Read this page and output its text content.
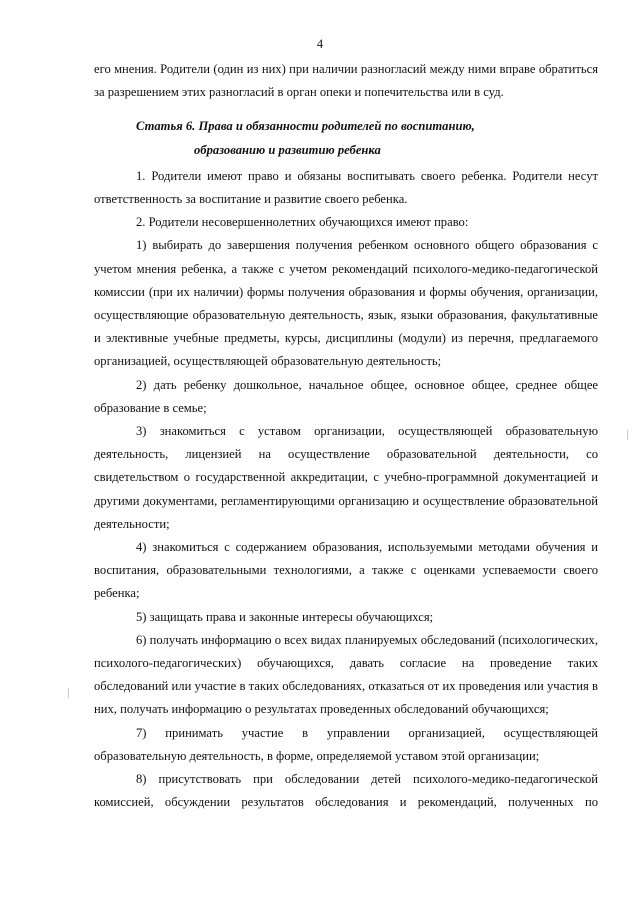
4

его мнения. Родители (один из них) при наличии разногласий между ними вправе обратиться за разрешением этих разногласий в орган опеки и попечительства или в суд.

Статья 6. Права и обязанности родителей по воспитанию,
образованию и развитию ребенка

1. Родители имеют право и обязаны воспитывать своего ребенка. Родители несут ответственность за воспитание и развитие своего ребенка.

2. Родители несовершеннолетних обучающихся имеют право:

1) выбирать до завершения получения ребенком основного общего образования с учетом мнения ребенка, а также с учетом рекомендаций психолого-медико-педагогической комиссии (при их наличии) формы получения образования и формы обучения, организации, осуществляющие образовательную деятельность, язык, языки образования, факультативные и элективные учебные предметы, курсы, дисциплины (модули) из перечня, предлагаемого организацией, осуществляющей образовательную деятельность;

2) дать ребенку дошкольное, начальное общее, основное общее, среднее общее образование в семье;

3) знакомиться с уставом организации, осуществляющей образовательную деятельность, лицензией на осуществление образовательной деятельности, со свидетельством о государственной аккредитации, с учебно-программной документацией и другими документами, регламентирующими организацию и осуществление образовательной деятельности;

4) знакомиться с содержанием образования, используемыми методами обучения и воспитания, образовательными технологиями, а также с оценками успеваемости своего ребенка;

5) защищать права и законные интересы обучающихся;

6) получать информацию о всех видах планируемых обследований (психологических, психолого-педагогических) обучающихся, давать согласие на проведение таких обследований или участие в таких обследованиях, отказаться от их проведения или участия в них, получать информацию о результатах проведенных обследований обучающихся;

7) принимать участие в управлении организацией, осуществляющей образовательную деятельность, в форме, определяемой уставом этой организации;

8) присутствовать при обследовании детей психолого-медико-педагогической комиссией, обсуждении результатов обследования и рекомендаций, полученных по
